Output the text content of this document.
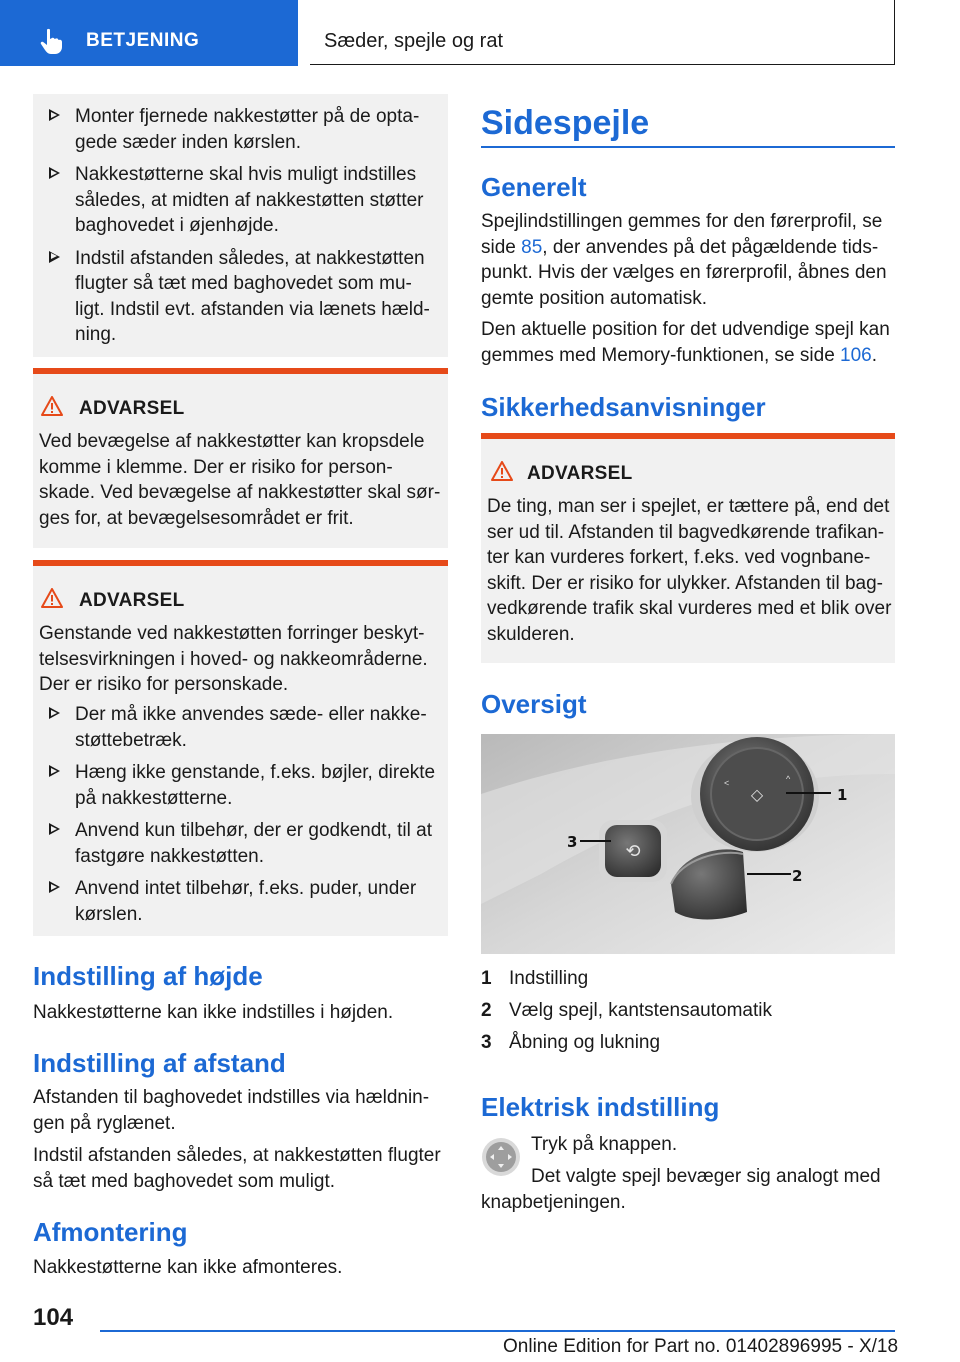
BETJENING	Sæder, spejle og rat
Monter fjernede nakkestøtter på de opta-
gede sæder inden kørslen.
Nakkestøtterne skal hvis muligt indstilles
således, at midten af nakkestøtten støtter
baghovedet i øjenhøjde.
Indstil afstanden således, at nakkestøtten
flugter så tæt med baghovedet som mu-
ligt. Indstil evt. afstanden via lænets hæld-
ning.
ADVARSEL

Ved bevægelse af nakkestøtter kan kropsdele
komme i klemme. Der er risiko for person-
skade. Ved bevægelse af nakkestøtter skal sør-
ges for, at bevægelsesområdet er frit.

ADVARSEL

Genstande ved nakkestøtten forringer beskyt-
telsesvirkningen i hoved- og nakkeområderne.
Der er risiko for personskade.

Der må ikke anvendes sæde- eller nakke-
støttebetræk.
Hæng ikke genstande, f.eks. bøjler, direkte
på nakkestøtterne.
Anvend kun tilbehør, der er godkendt, til at
fastgøre nakkestøtten.
Anvend intet tilbehør, f.eks. puder, under
kørslen.
Indstilling af højde

Nakkestøtterne kan ikke indstilles i højden.

Indstilling af afstand

Afstanden til baghovedet indstilles via hældnin-
gen på ryglænet.

Indstil afstanden således, at nakkestøtten flugter
så tæt med baghovedet som muligt.

Afmontering

Nakkestøtterne kan ikke afmonteres.

Sidespejle
Generelt

Spejlindstillingen gemmes for den førerprofil, se
side 85, der anvendes på det pågældende tids-
punkt. Hvis der vælges en førerprofil, åbnes den
gemte position automatisk.

Den aktuelle position for det udvendige spejl kan
gemmes med Memory-funktionen, se side 106.

Sikkerhedsanvisninger
ADVARSEL

De ting, man ser i spejlet, er tættere på, end det
ser ud til. Afstanden til bagvedkørende trafikan-
ter kan vurderes forkert, f.eks. ved vognbane-
skift. Der er risiko for ulykker. Afstanden til bag-
vedkørende trafik skal vurderes med et blik over
skulderen.

Oversigt
◇
<	^
⟲
1
2
3
1 Indstilling
2 Vælg spejl, kantstensautomatik
3 Åbning og lukning
Elektrisk indstilling

Tryk på knappen.

Det valgte spejl bevæger sig analogt med
knapbetjeningen.

104
Online Edition for Part no. 01402896995 - X/18
